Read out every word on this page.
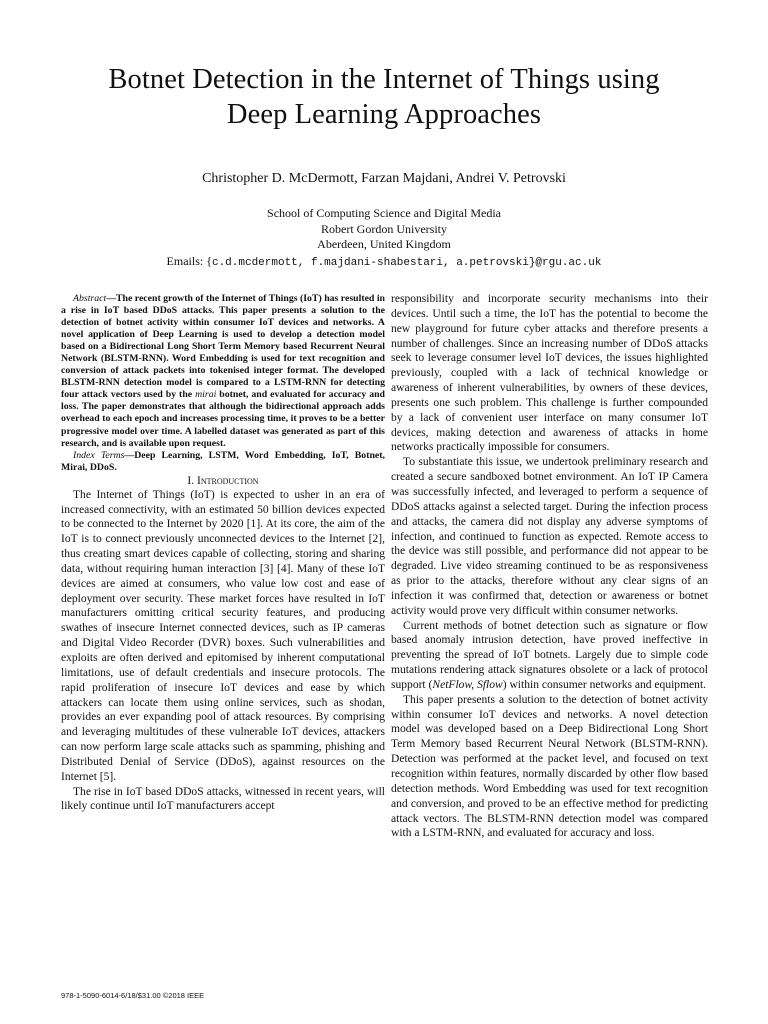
Botnet Detection in the Internet of Things using
Deep Learning Approaches
Christopher D. McDermott, Farzan Majdani, Andrei V. Petrovski
School of Computing Science and Digital Media
Robert Gordon University
Aberdeen, United Kingdom
Emails: {c.d.mcdermott, f.majdani-shabestari, a.petrovski}@rgu.ac.uk

Abstract—The recent growth of the Internet of Things (IoT) has resulted in a rise in IoT based DDoS attacks. This paper presents a solution to the detection of botnet activity within consumer IoT devices and networks. A novel application of Deep Learning is used to develop a detection model based on a Bidirectional Long Short Term Memory based Recurrent Neural Network (BLSTM-RNN). Word Embedding is used for text recognition and conversion of attack packets into tokenised integer format. The developed BLSTM-RNN detection model is compared to a LSTM-RNN for detecting four attack vectors used by the mirai botnet, and evaluated for accuracy and loss. The paper demonstrates that although the bidirectional approach adds overhead to each epoch and increases processing time, it proves to be a better progressive model over time. A labelled dataset was generated as part of this research, and is available upon request.

Index Terms—Deep Learning, LSTM, Word Embedding, IoT, Botnet, Mirai, DDoS.

I. Introduction

The Internet of Things (IoT) is expected to usher in an era of increased connectivity, with an estimated 50 billion devices expected to be connected to the Internet by 2020 [1]. At its core, the aim of the IoT is to connect previously unconnected devices to the Internet [2], thus creating smart devices capable of collecting, storing and sharing data, without requiring human interaction [3] [4]. Many of these IoT devices are aimed at consumers, who value low cost and ease of deployment over security. These market forces have resulted in IoT manufacturers omitting critical security features, and producing swathes of insecure Internet connected devices, such as IP cameras and Digital Video Recorder (DVR) boxes. Such vulnerabilities and exploits are often derived and epitomised by inherent computational limitations, use of default credentials and insecure protocols. The rapid proliferation of insecure IoT devices and ease by which attackers can locate them using online services, such as shodan, provides an ever expanding pool of attack resources. By comprising and leveraging multitudes of these vulnerable IoT devices, attackers can now perform large scale attacks such as spamming, phishing and Distributed Denial of Service (DDoS), against resources on the Internet [5].

The rise in IoT based DDoS attacks, witnessed in recent years, will likely continue until IoT manufacturers accept

responsibility and incorporate security mechanisms into their devices. Until such a time, the IoT has the potential to become the new playground for future cyber attacks and therefore presents a number of challenges. Since an increasing number of DDoS attacks seek to leverage consumer level IoT devices, the issues highlighted previously, coupled with a lack of technical knowledge or awareness of inherent vulnerabilities, by owners of these devices, presents one such problem. This challenge is further compounded by a lack of convenient user interface on many consumer IoT devices, making detection and awareness of attacks in home networks practically impossible for consumers.

To substantiate this issue, we undertook preliminary research and created a secure sandboxed botnet environment. An IoT IP Camera was successfully infected, and leveraged to perform a sequence of DDoS attacks against a selected target. During the infection process and attacks, the camera did not display any adverse symptoms of infection, and continued to function as expected. Remote access to the device was still possible, and performance did not appear to be degraded. Live video streaming continued to be as responsiveness as prior to the attacks, therefore without any clear signs of an infection it was confirmed that, detection or awareness or botnet activity would prove very difficult within consumer networks.

Current methods of botnet detection such as signature or flow based anomaly intrusion detection, have proved ineffective in preventing the spread of IoT botnets. Largely due to simple code mutations rendering attack signatures obsolete or a lack of protocol support (NetFlow, Sflow) within consumer networks and equipment.

This paper presents a solution to the detection of botnet activity within consumer IoT devices and networks. A novel detection model was developed based on a Deep Bidirectional Long Short Term Memory based Recurrent Neural Network (BLSTM-RNN). Detection was performed at the packet level, and focused on text recognition within features, normally discarded by other flow based detection methods. Word Embedding was used for text recognition and conversion, and proved to be an effective method for predicting attack vectors. The BLSTM-RNN detection model was compared with a LSTM-RNN, and evaluated for accuracy and loss.

978-1-5090-6014-6/18/$31.00 ©2018 IEEE
